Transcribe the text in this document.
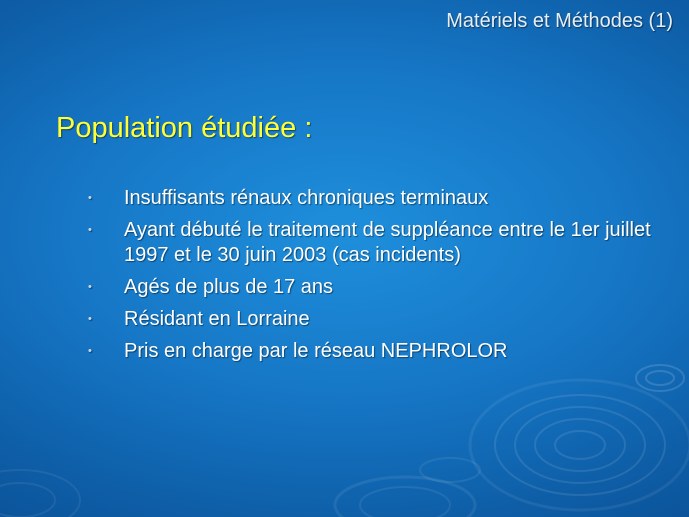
Matériels et Méthodes (1)
Population étudiée :
• Insuffisants rénaux chroniques terminaux
• Ayant débuté le traitement de suppléance entre le 1er juillet 1997 et le 30 juin 2003 (cas incidents)
• Agés de plus de 17 ans
• Résidant en Lorraine
• Pris en charge par le réseau NEPHROLOR
